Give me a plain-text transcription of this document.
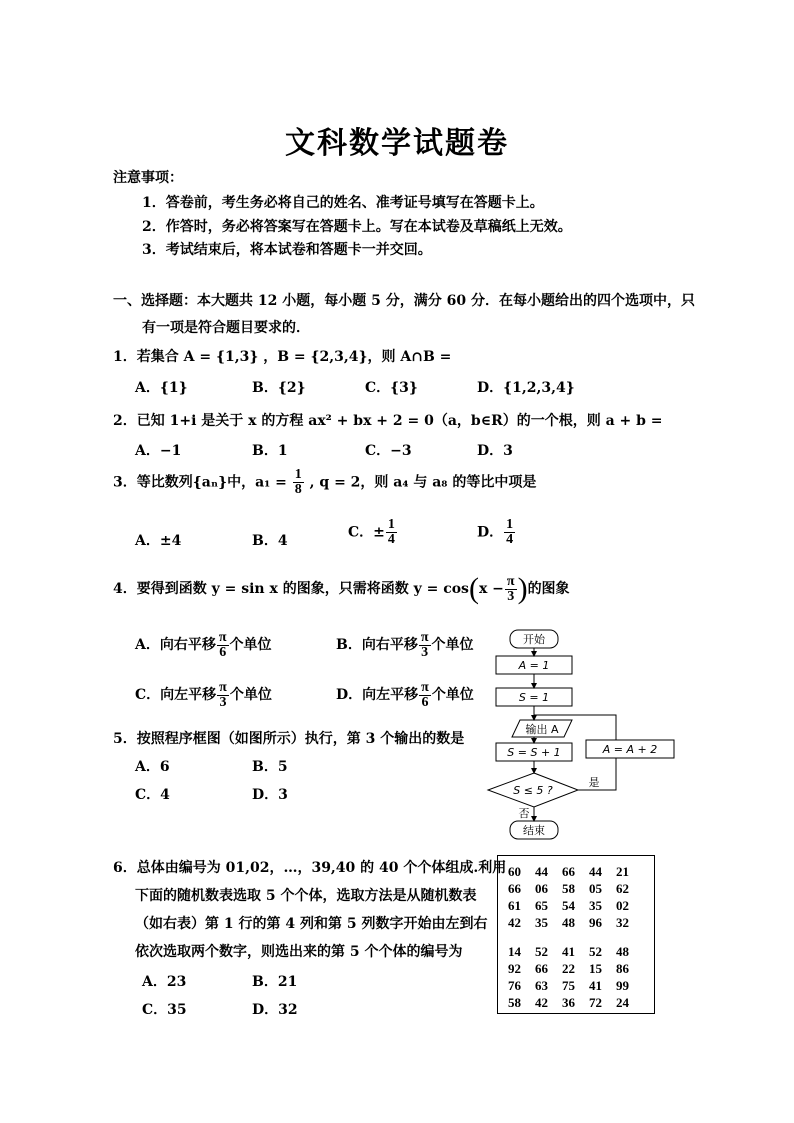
文科数学试题卷
注意事项：
1．答卷前，考生务必将自己的姓名、准考证号填写在答题卡上。
2．作答时，务必将答案写在答题卡上。写在本试卷及草稿纸上无效。
3．考试结束后，将本试卷和答题卡一并交回。
一、选择题：本大题共 12 小题，每小题 5 分，满分 60 分．在每小题给出的四个选项中，只
有一项是符合题目要求的．
1．若集合 A = {1,3} ，B = {2,3,4}，则 A∩B =
A．{1}	B．{2}	C．{3}	D．{1,2,3,4}
2．已知 1+i 是关于 x 的方程 ax² + bx + 2 = 0（a，b∈R）的一个根，则 a + b =
A．−1	B．1	C．−3	D．3
3．等比数列{aₙ}中，$a_1 = \frac{1}{8}$ , q = 2，则 a₄ 与 a₈ 的等比中项是
A．±4	B．4
C．± $\frac{1}{4}$	D． $\frac{1}{4}$
4．要得到函数 y = sin x 的图象，只需将函数 $y = \cos(x - \frac{\pi}{3}$ )的图象
A．向右平移 $\frac{\pi}{6}$ 个单位	B．向右平移 $\frac{\pi}{3}$ 个单位
C．向左平移 $\frac{\pi}{3}$ 个单位	D．向左平移 $\frac{\pi}{6}$ 个单位
5．按照程序框图（如图所示）执行，第 3 个输出的数是
A．6	B．5
C．4	D．3
开始
A = 1
S = 1
输出 A
S = S + 1	A = A + 2
S ≤ 5 ?
是
否
结束
6．总体由编号为 01,02，…，39,40 的 40 个个体组成.利用
下面的随机数表选取 5 个个体，选取方法是从随机数表
（如右表）第 1 行的第 4 列和第 5 列数字开始由左到右
依次选取两个数字，则选出来的第 5 个个体的编号为
A．23	B．21
C．35	D．32
60 44 66 44 21
66 06 58 05 62
61 65 54 35 02
42 35 48 96 32
14 52 41 52 48
92 66 22 15 86
76 63 75 41 99
58 42 36 72 24
